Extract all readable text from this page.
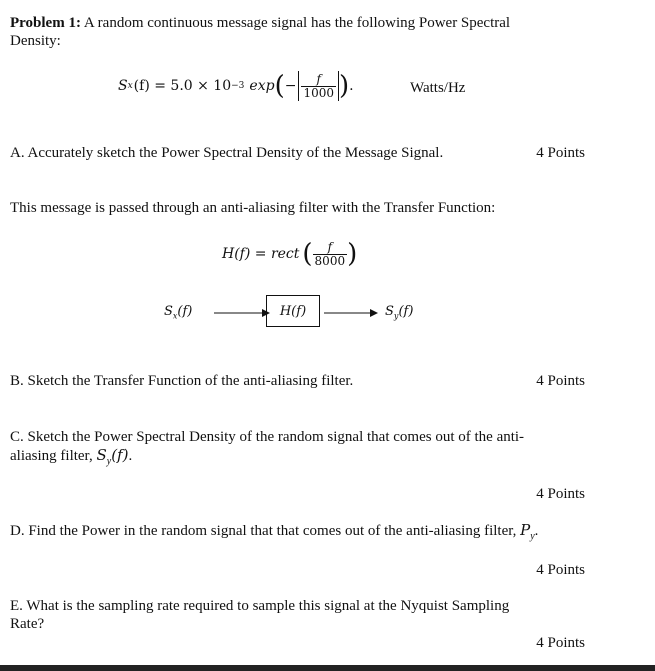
Problem 1: A random continuous message signal has the following Power Spectral
Density:
S x (f) = 5.0 × 10 −3 exp ( − $\frac{f}{1000}$ ) .	Watts/Hz
A. Accurately sketch the Power Spectral Density of the Message Signal.	4 Points
This message is passed through an anti-aliasing filter with the Transfer Function:
H(f) = rect ( $\frac{f}{8000}$ )
$S_x(f)$	H(f)	$S_y(f)$
B. Sketch the Transfer Function of the anti-aliasing filter.	4 Points
C. Sketch the Power Spectral Density of the random signal that comes out of the anti-
aliasing filter, $S_y(f)$.
4 Points
D. Find the Power in the random signal that that comes out of the anti-aliasing filter, $P_y$.
4 Points
E. What is the sampling rate required to sample this signal at the Nyquist Sampling
Rate?
4 Points
